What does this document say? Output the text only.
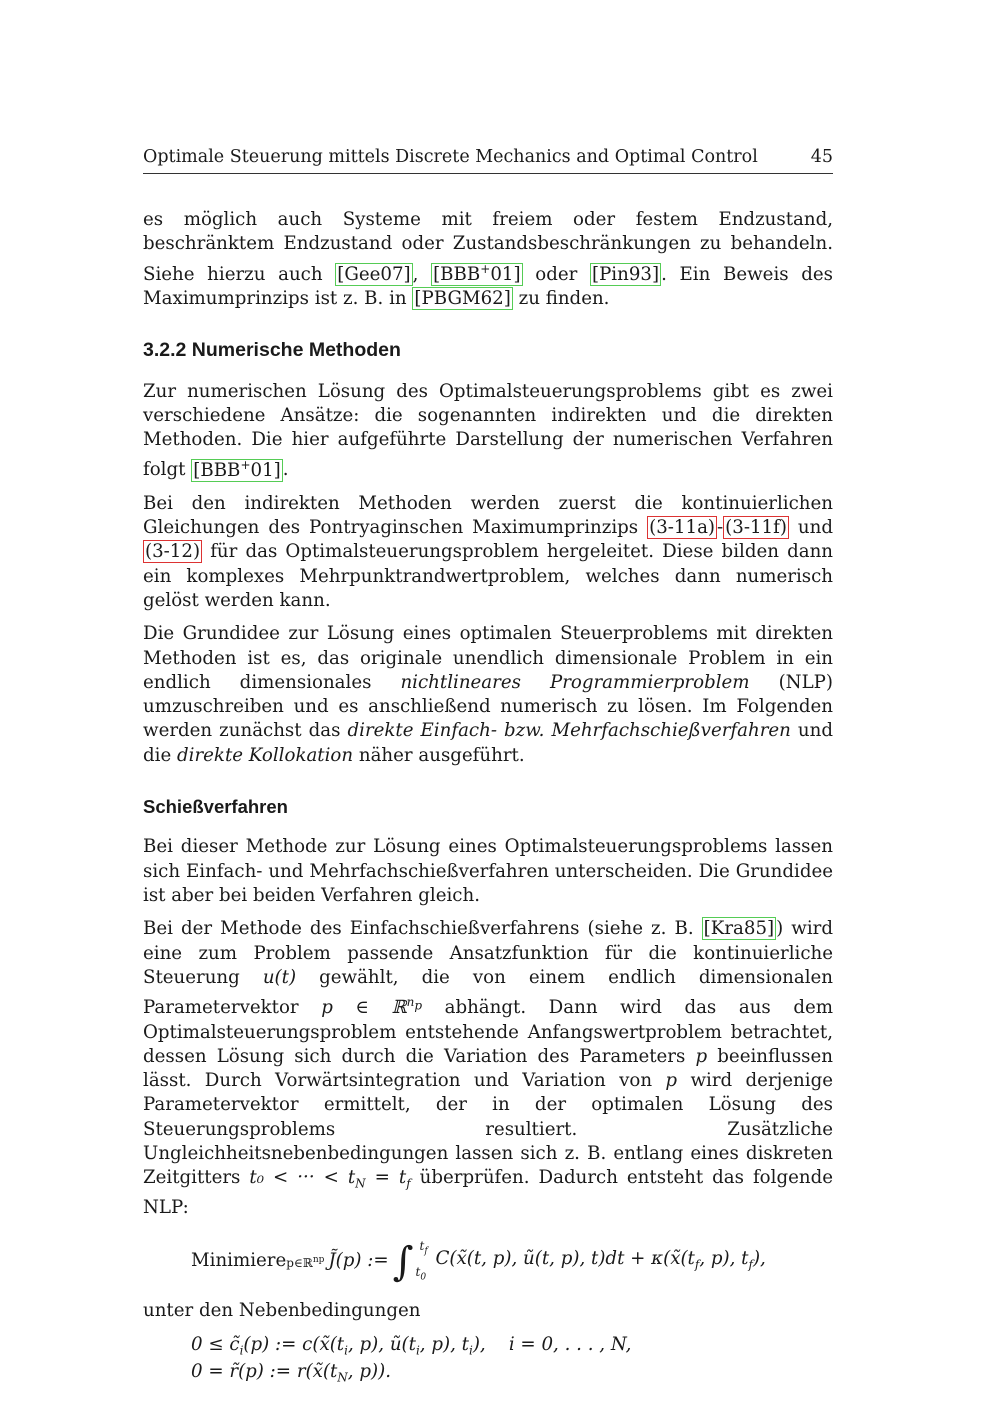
Optimale Steuerung mittels Discrete Mechanics and Optimal Control	45

es möglich auch Systeme mit freiem oder festem Endzustand, beschränktem Endzustand oder Zustandsbeschränkungen zu behandeln. Siehe hierzu auch [Gee07] , [BBB+01] oder [Pin93] . Ein Beweis des Maximumprinzips ist z. B. in [PBGM62] zu finden.

3.2.2 Numerische Methoden

Zur numerischen Lösung des Optimalsteuerungsproblems gibt es zwei verschiedene Ansätze: die sogenannten indirekten und die direkten Methoden. Die hier aufgeführte Darstellung der numerischen Verfahren folgt [BBB+01] .

Bei den indirekten Methoden werden zuerst die kontinuierlichen Gleichungen des Pontryaginschen Maximumprinzips (3-11a) - (3-11f) und (3-12) für das Optimalsteuerungsproblem hergeleitet. Diese bilden dann ein komplexes Mehrpunktrandwertproblem, welches dann numerisch gelöst werden kann.

Die Grundidee zur Lösung eines optimalen Steuerproblems mit direkten Methoden ist es, das originale unendlich dimensionale Problem in ein endlich dimensionales nichtlineares Programmierproblem (NLP) umzuschreiben und es anschließend numerisch zu lösen. Im Folgenden werden zunächst das direkte Einfach- bzw. Mehrfachschießverfahren und die direkte Kollokation näher ausgeführt.

Schießverfahren

Bei dieser Methode zur Lösung eines Optimalsteuerungsproblems lassen sich Einfach- und Mehrfachschießverfahren unterscheiden. Die Grundidee ist aber bei beiden Verfahren gleich.

Bei der Methode des Einfachschießverfahrens (siehe z. B. [Kra85] ) wird eine zum Problem passende Ansatzfunktion für die kontinuierliche Steuerung u(t) gewählt, die von einem endlich dimensionalen Parametervektor p ∈ ℝ$^{n_p}$ abhängt. Dann wird das aus dem Optimalsteuerungsproblem entstehende Anfangswertproblem betrachtet, dessen Lösung sich durch die Variation des Parameters p beeinflussen lässt. Durch Vorwärtsintegration und Variation von p wird derjenige Parametervektor ermittelt, der in der optimalen Lösung des Steuerungsproblems resultiert. Zusätzliche Ungleichheitsnebenbedingungen lassen sich z. B. entlang eines diskreten Zeitgitters t₀ < ··· < $t_N = t_f$ überprüfen. Dadurch entsteht das folgende NLP:

Minimiere p∈ℝ$^{np}$ J̃(p) := ∫ $t_f$
$t_0$
C(x̃(t, p), ũ(t, p), $t)dt + \kappa(x̃(t_f$, p), $t_f$),

unter den Nebenbedingungen

$0 \le c̃_i(p)$ := $c(x̃(t_i$, p), $ũ(t_i$, p), $t_i$),    i = 0, . . . , N,
0 = r̃(p) := $r(x̃(t_N$, p)).
